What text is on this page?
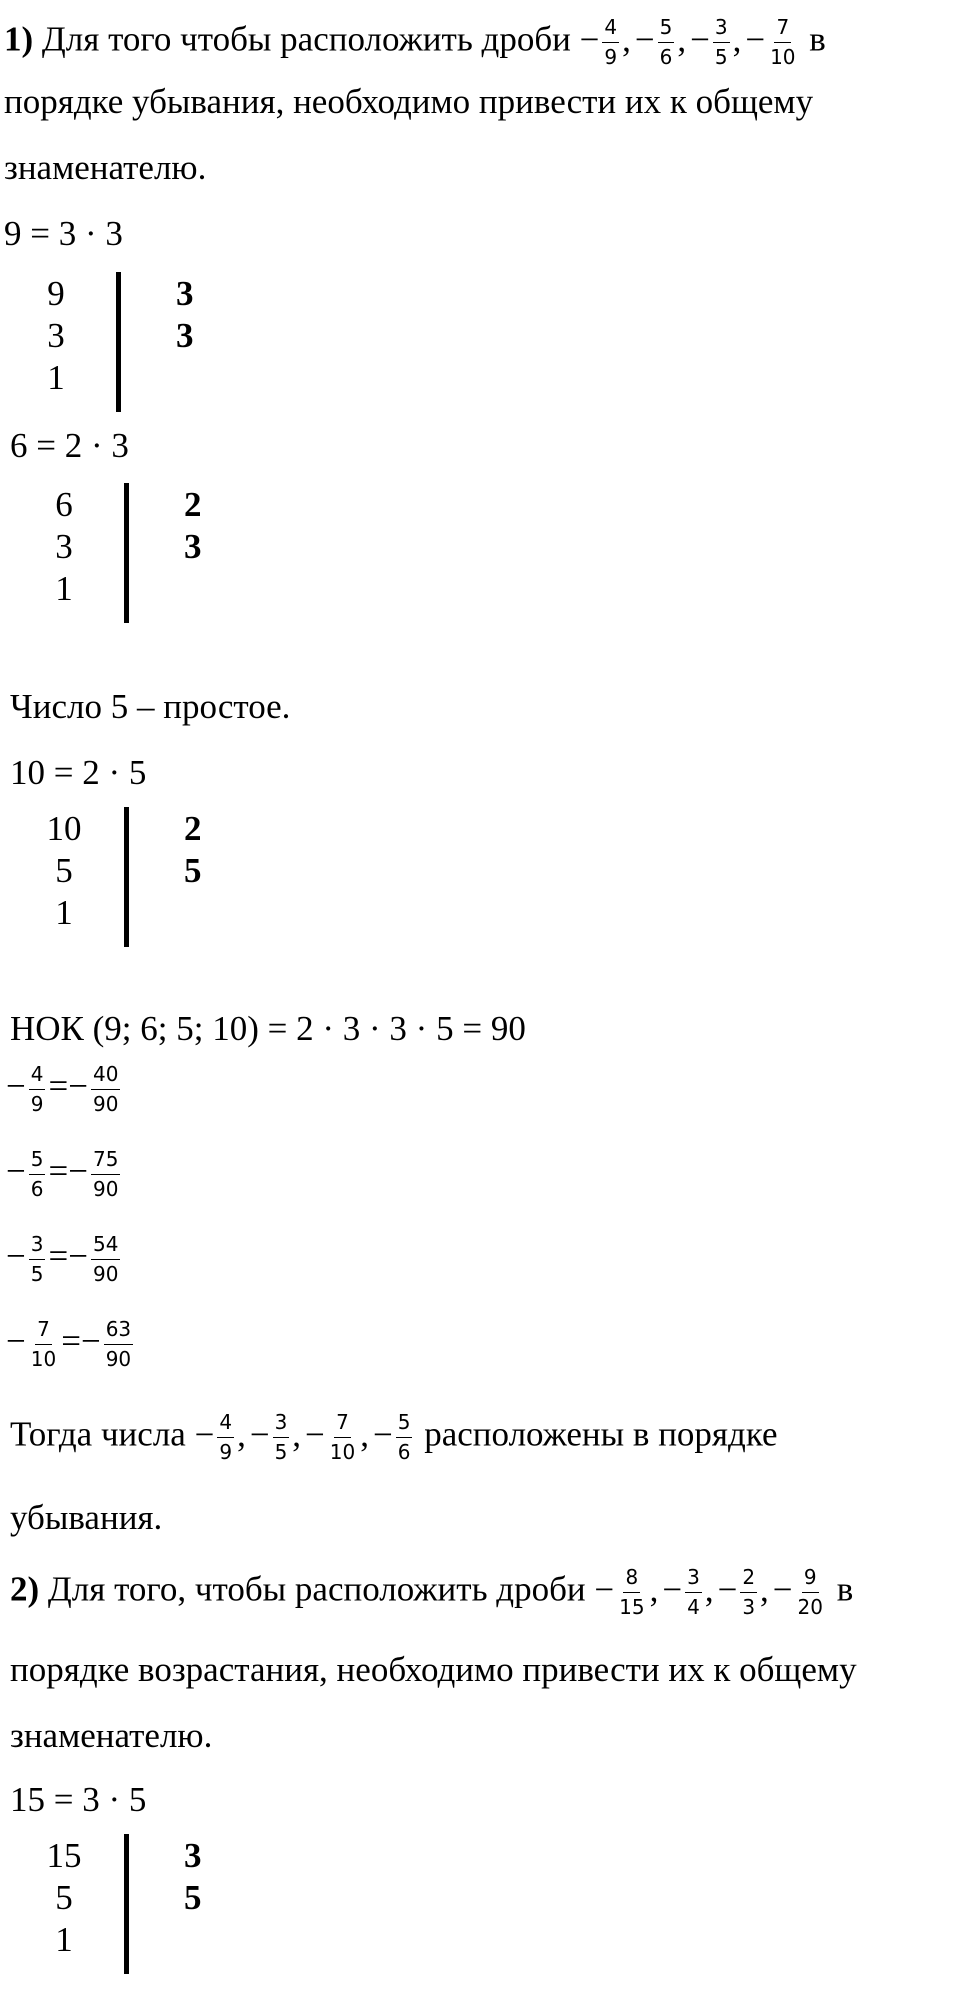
1) Для того чтобы расположить дроби − $\frac{4}{9}$ , − $\frac{5}{6}$ , − $\frac{3}{5}$ , − $\frac{7}{10}$ в
порядке убывания, необходимо привести их к общему
знаменателю.
9 = 3 · 3
9
3
1
3
3
6 = 2 · 3
6
3
1
2
3
Число 5 – простое.
10 = 2 · 5
10
5
1
2
5
НОК (9; 6; 5; 10) = 2 · 3 · 3 · 5 = 90
− $\frac{4}{9} =- \frac{40}{90}$
− $\frac{5}{6} =- \frac{75}{90}$
− $\frac{3}{5} =- \frac{54}{90}$
− $\frac{7}{10} =- \frac{63}{90}$
Тогда числа − $\frac{4}{9}$ , − $\frac{3}{5}$ , − $\frac{7}{10}$ , − $\frac{5}{6}$ расположены в порядке
убывания.
2) Для того, чтобы расположить дроби − $\frac{8}{15}$ , − $\frac{3}{4}$ , − $\frac{2}{3}$ , − $\frac{9}{20}$ в
порядке возрастания, необходимо привести их к общему
знаменателю.
15 = 3 · 5
15
5
1
3
5
